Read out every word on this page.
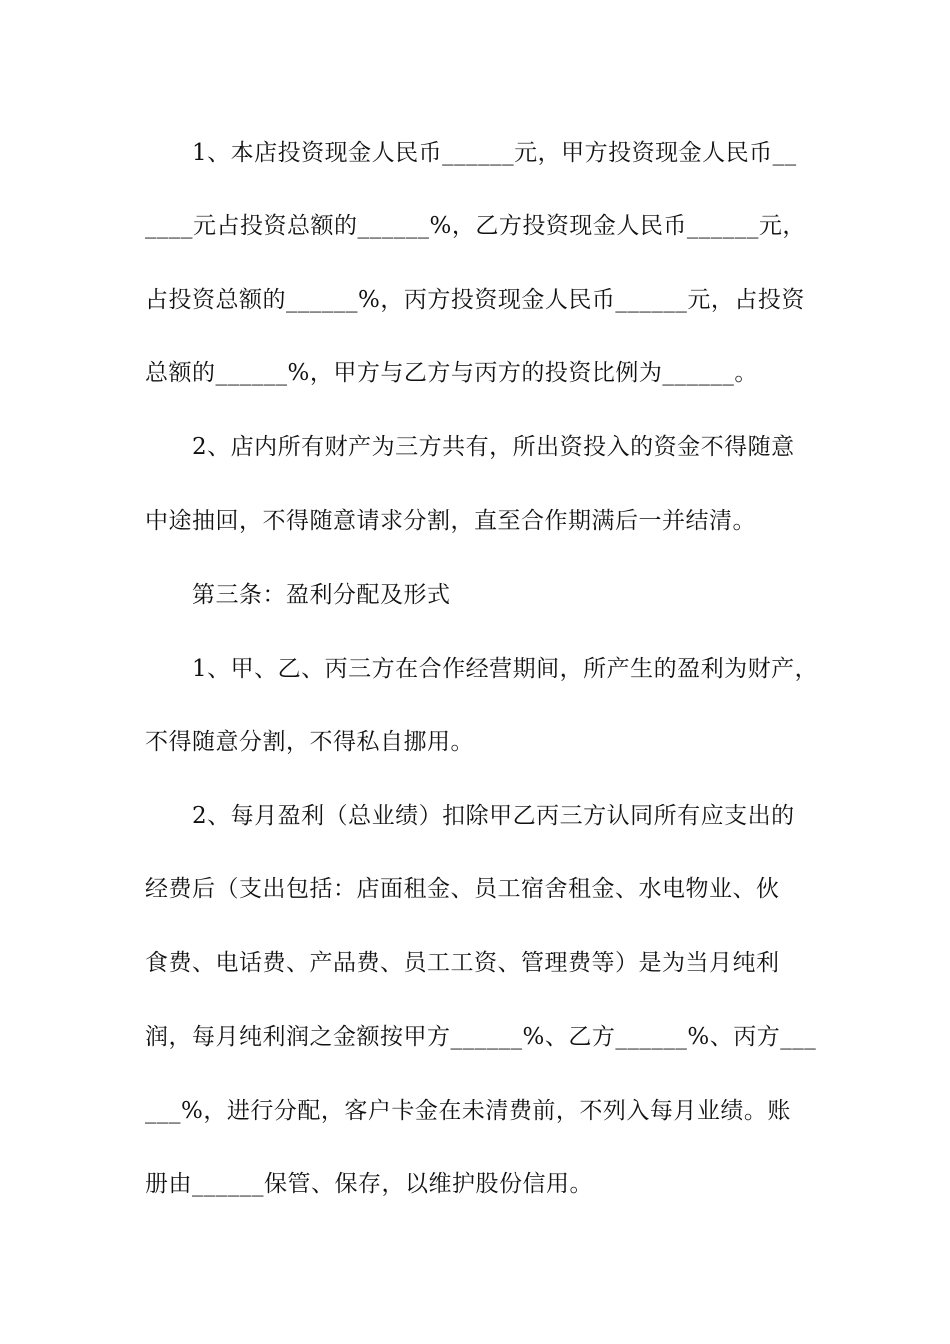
1、本店投资现金人民币______元，甲方投资现金人民币__
____元占投资总额的______%，乙方投资现金人民币______元，
占投资总额的______%，丙方投资现金人民币______元，占投资
总额的______%，甲方与乙方与丙方的投资比例为______。
2、店内所有财产为三方共有，所出资投入的资金不得随意
中途抽回，不得随意请求分割，直至合作期满后一并结清。
第三条：盈利分配及形式
1、甲、乙、丙三方在合作经营期间，所产生的盈利为财产，
不得随意分割，不得私自挪用。
2、每月盈利（总业绩）扣除甲乙丙三方认同所有应支出的
经费后（支出包括：店面租金、员工宿舍租金、水电物业、伙
食费、电话费、产品费、员工工资、管理费等）是为当月纯利
润，每月纯利润之金额按甲方______%、乙方______%、丙方___
___%，进行分配，客户卡金在未清费前，不列入每月业绩。账
册由______保管、保存，以维护股份信用。
